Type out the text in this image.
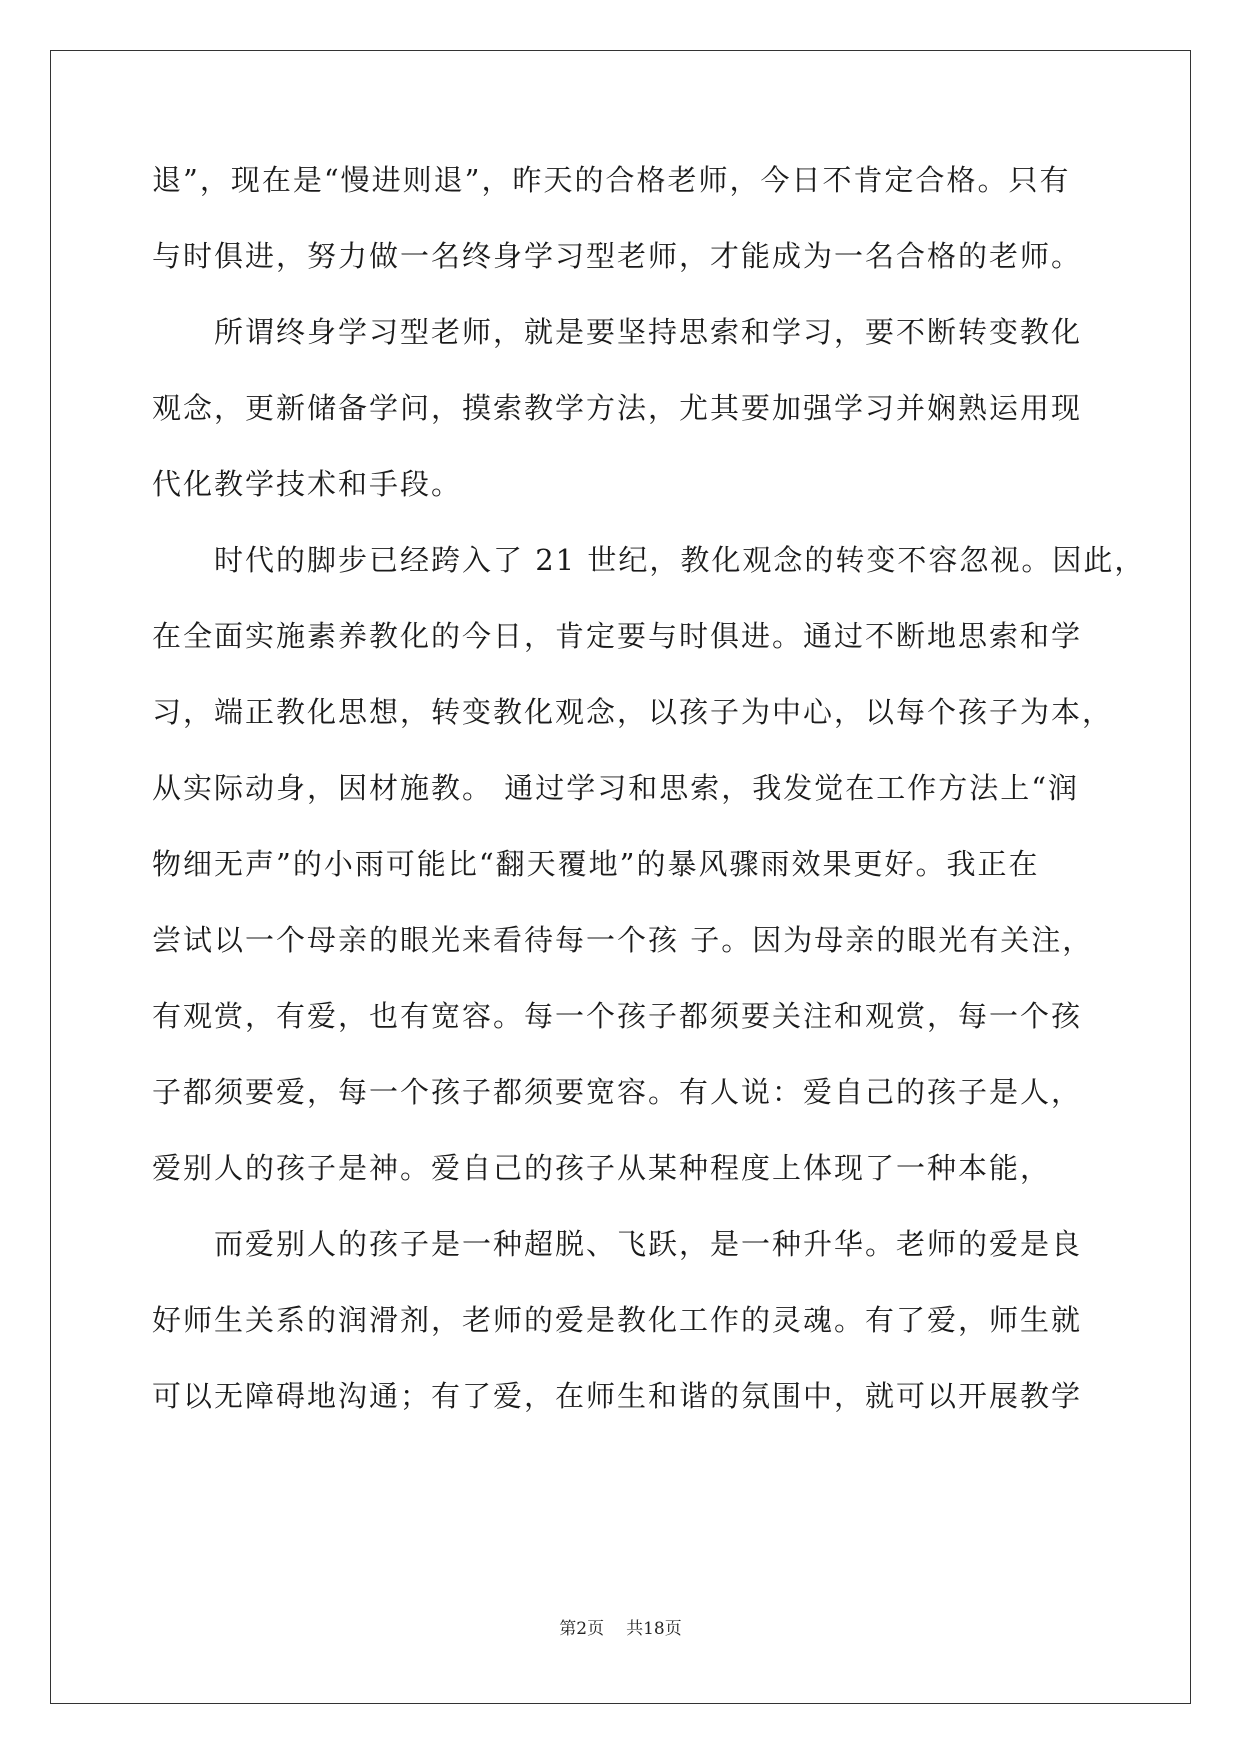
退”，现在是“慢进则退”，昨天的合格老师，今日不肯定合格。只有
与时俱进，努力做一名终身学习型老师，才能成为一名合格的老师。
所谓终身学习型老师，就是要坚持思索和学习，要不断转变教化
观念，更新储备学问，摸索教学方法，尤其要加强学习并娴熟运用现
代化教学技术和手段。
时代的脚步已经跨入了 21 世纪，教化观念的转变不容忽视。因此，
在全面实施素养教化的今日，肯定要与时俱进。通过不断地思索和学
习，端正教化思想，转变教化观念，以孩子为中心，以每个孩子为本，
从实际动身，因材施教。 通过学习和思索，我发觉在工作方法上“润
物细无声”的小雨可能比“翻天覆地”的暴风骤雨效果更好。我正在
尝试以一个母亲的眼光来看待每一个孩 子。因为母亲的眼光有关注，
有观赏，有爱，也有宽容。每一个孩子都须要关注和观赏，每一个孩
子都须要爱，每一个孩子都须要宽容。有人说：爱自己的孩子是人，
爱别人的孩子是神。爱自己的孩子从某种程度上体现了一种本能，
而爱别人的孩子是一种超脱、飞跃，是一种升华。老师的爱是良
好师生关系的润滑剂，老师的爱是教化工作的灵魂。有了爱，师生就
可以无障碍地沟通；有了爱，在师生和谐的氛围中，就可以开展教学
第2页 共18页
